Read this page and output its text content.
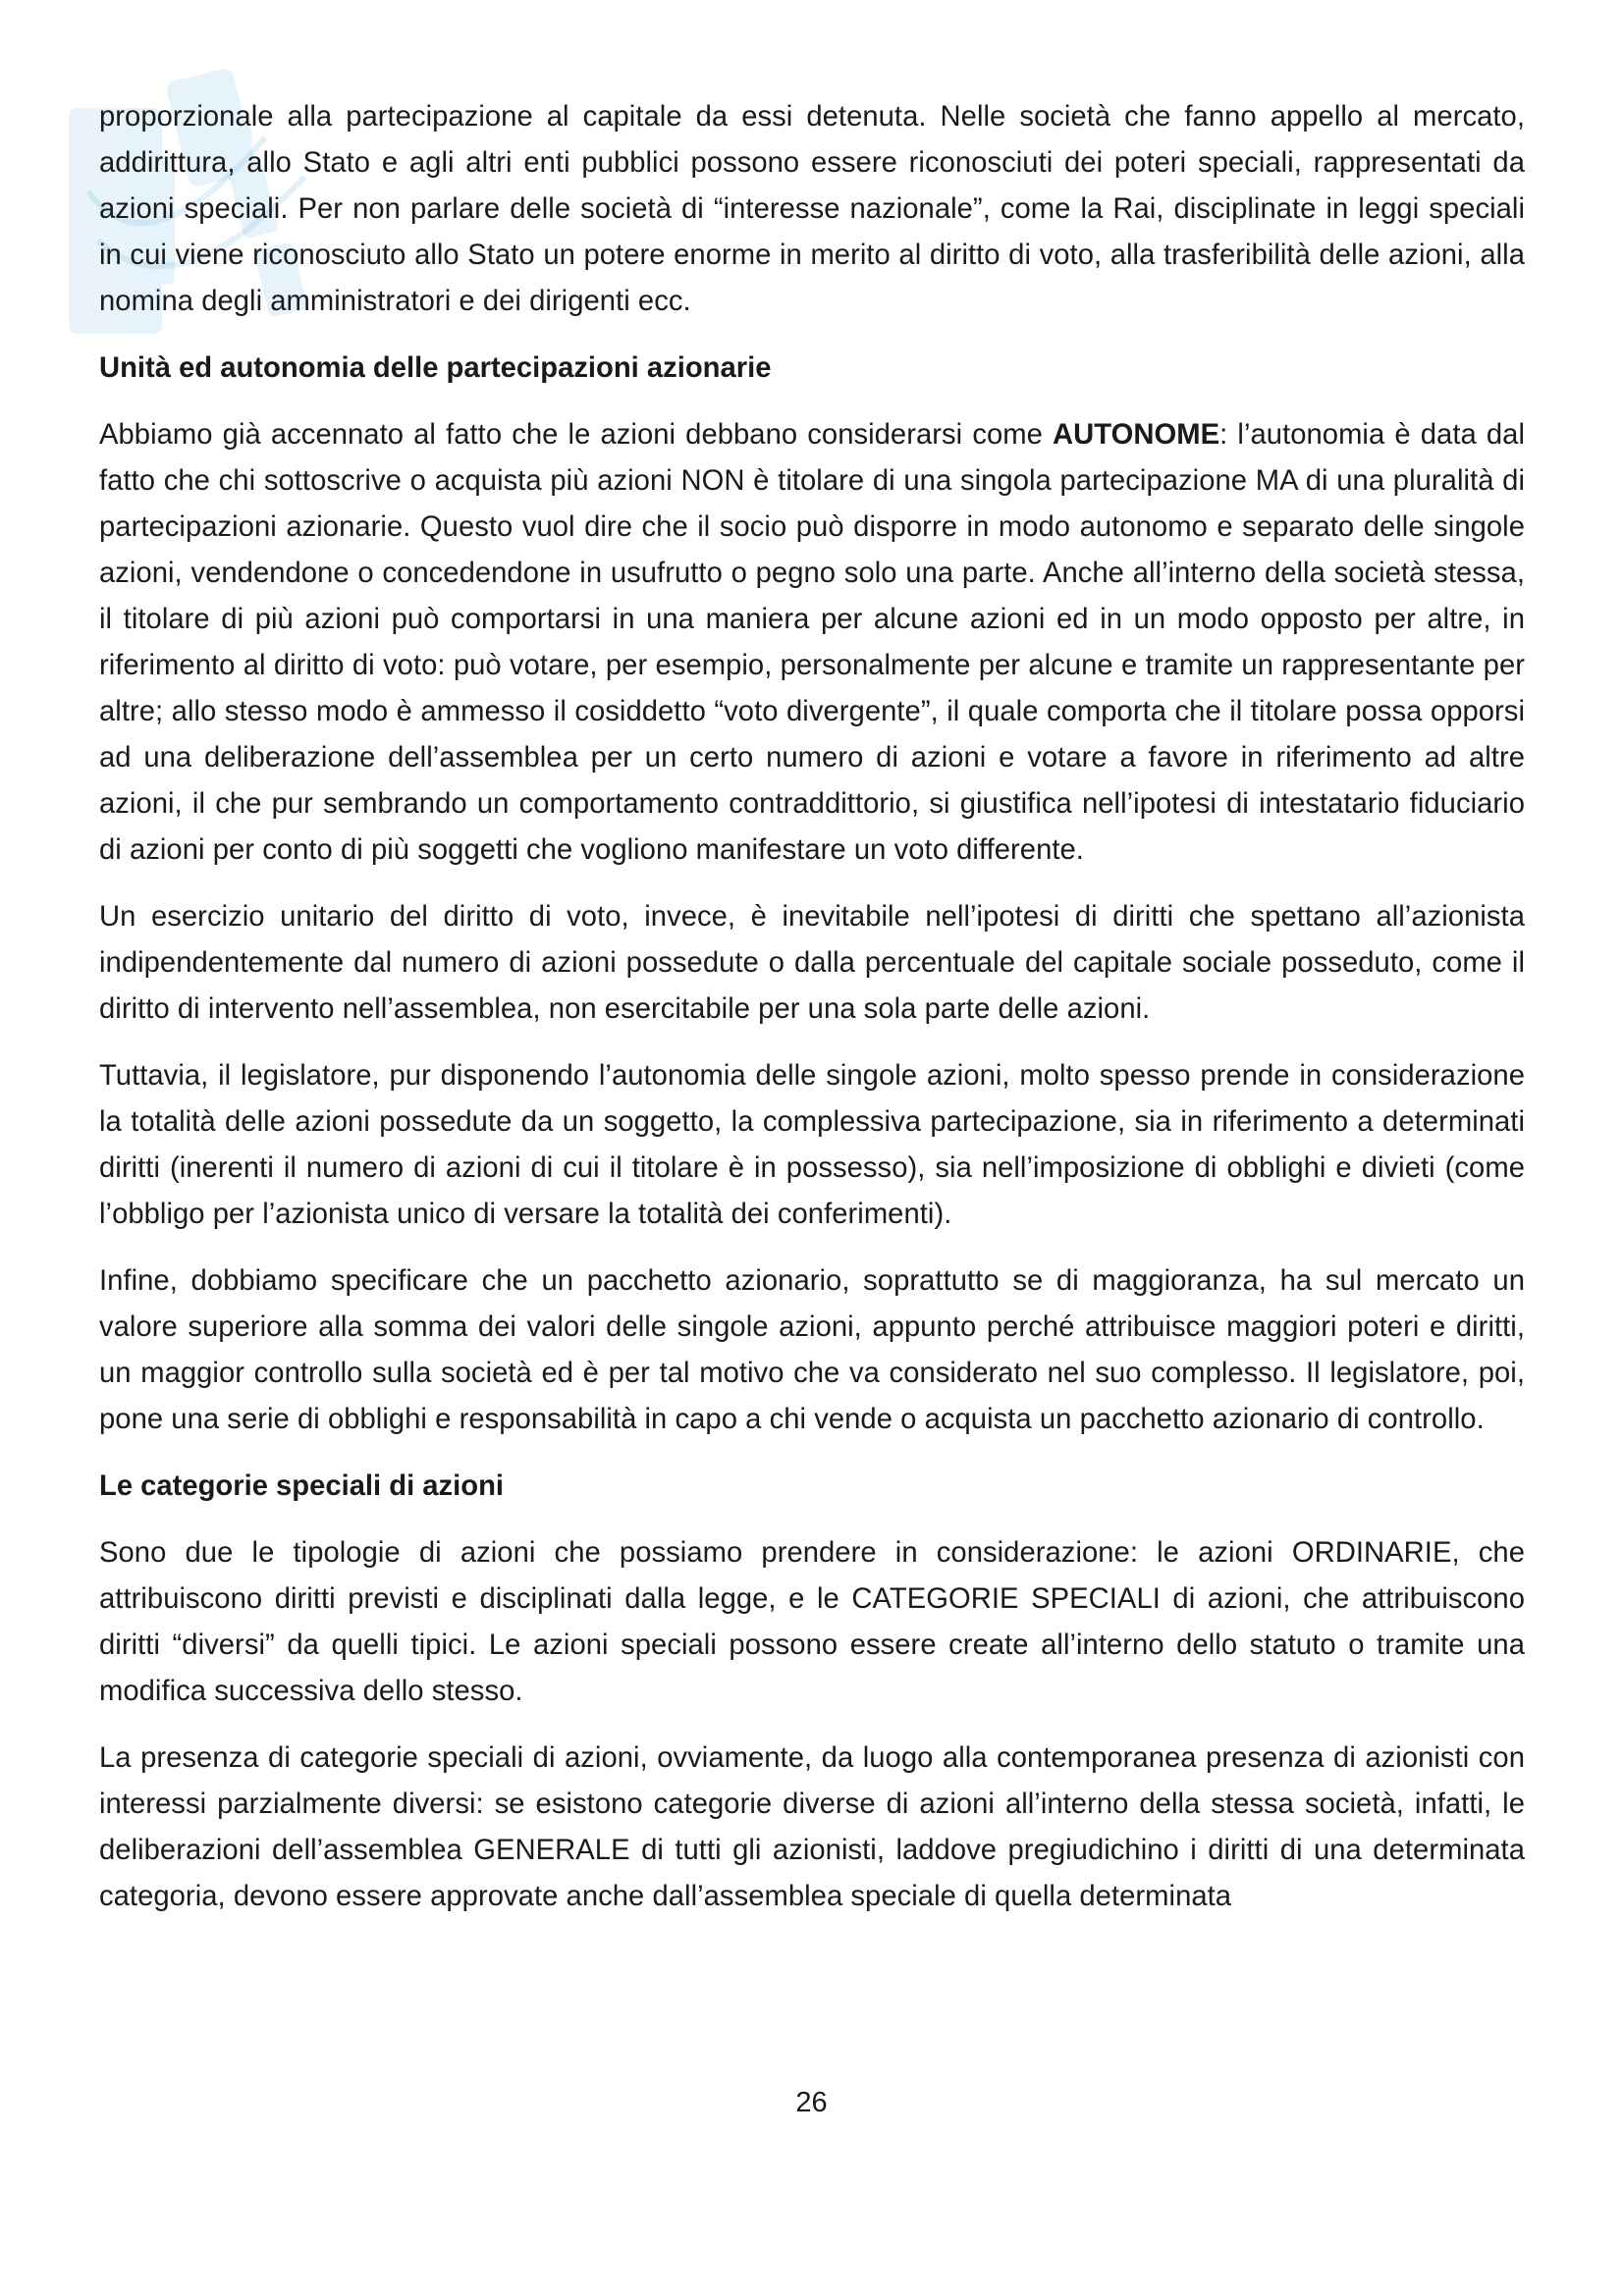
proporzionale alla partecipazione al capitale da essi detenuta. Nelle società che fanno appello al mercato, addirittura, allo Stato e agli altri enti pubblici possono essere riconosciuti dei poteri speciali, rappresentati da azioni speciali. Per non parlare delle società di “interesse nazionale”, come la Rai, disciplinate in leggi speciali in cui viene riconosciuto allo Stato un potere enorme in merito al diritto di voto, alla trasferibilità delle azioni, alla nomina degli amministratori e dei dirigenti ecc.

Unità ed autonomia delle partecipazioni azionarie

Abbiamo già accennato al fatto che le azioni debbano considerarsi come AUTONOME: l’autonomia è data dal fatto che chi sottoscrive o acquista più azioni NON è titolare di una singola partecipazione MA di una pluralità di partecipazioni azionarie. Questo vuol dire che il socio può disporre in modo autonomo e separato delle singole azioni, vendendone o concedendone in usufrutto o pegno solo una parte. Anche all’interno della società stessa, il titolare di più azioni può comportarsi in una maniera per alcune azioni ed in un modo opposto per altre, in riferimento al diritto di voto: può votare, per esempio, personalmente per alcune e tramite un rappresentante per altre; allo stesso modo è ammesso il cosiddetto “voto divergente”, il quale comporta che il titolare possa opporsi ad una deliberazione dell’assemblea per un certo numero di azioni e votare a favore in riferimento ad altre azioni, il che pur sembrando un comportamento contraddittorio, si giustifica nell’ipotesi di intestatario fiduciario di azioni per conto di più soggetti che vogliono manifestare un voto differente.

Un esercizio unitario del diritto di voto, invece, è inevitabile nell’ipotesi di diritti che spettano all’azionista indipendentemente dal numero di azioni possedute o dalla percentuale del capitale sociale posseduto, come il diritto di intervento nell’assemblea, non esercitabile per una sola parte delle azioni.

Tuttavia, il legislatore, pur disponendo l’autonomia delle singole azioni, molto spesso prende in considerazione la totalità delle azioni possedute da un soggetto, la complessiva partecipazione, sia in riferimento a determinati diritti (inerenti il numero di azioni di cui il titolare è in possesso), sia nell’imposizione di obblighi e divieti (come l’obbligo per l’azionista unico di versare la totalità dei conferimenti).

Infine, dobbiamo specificare che un pacchetto azionario, soprattutto se di maggioranza, ha sul mercato un valore superiore alla somma dei valori delle singole azioni, appunto perché attribuisce maggiori poteri e diritti, un maggior controllo sulla società ed è per tal motivo che va considerato nel suo complesso. Il legislatore, poi, pone una serie di obblighi e responsabilità in capo a chi vende o acquista un pacchetto azionario di controllo.

Le categorie speciali di azioni

Sono due le tipologie di azioni che possiamo prendere in considerazione: le azioni ORDINARIE, che attribuiscono diritti previsti e disciplinati dalla legge, e le CATEGORIE SPECIALI di azioni, che attribuiscono diritti “diversi” da quelli tipici. Le azioni speciali possono essere create all’interno dello statuto o tramite una modifica successiva dello stesso.

La presenza di categorie speciali di azioni, ovviamente, da luogo alla contemporanea presenza di azionisti con interessi parzialmente diversi: se esistono categorie diverse di azioni all’interno della stessa società, infatti, le deliberazioni dell’assemblea GENERALE di tutti gli azionisti, laddove pregiudichino i diritti di una determinata categoria, devono essere approvate anche dall’assemblea speciale di quella determinata

26
